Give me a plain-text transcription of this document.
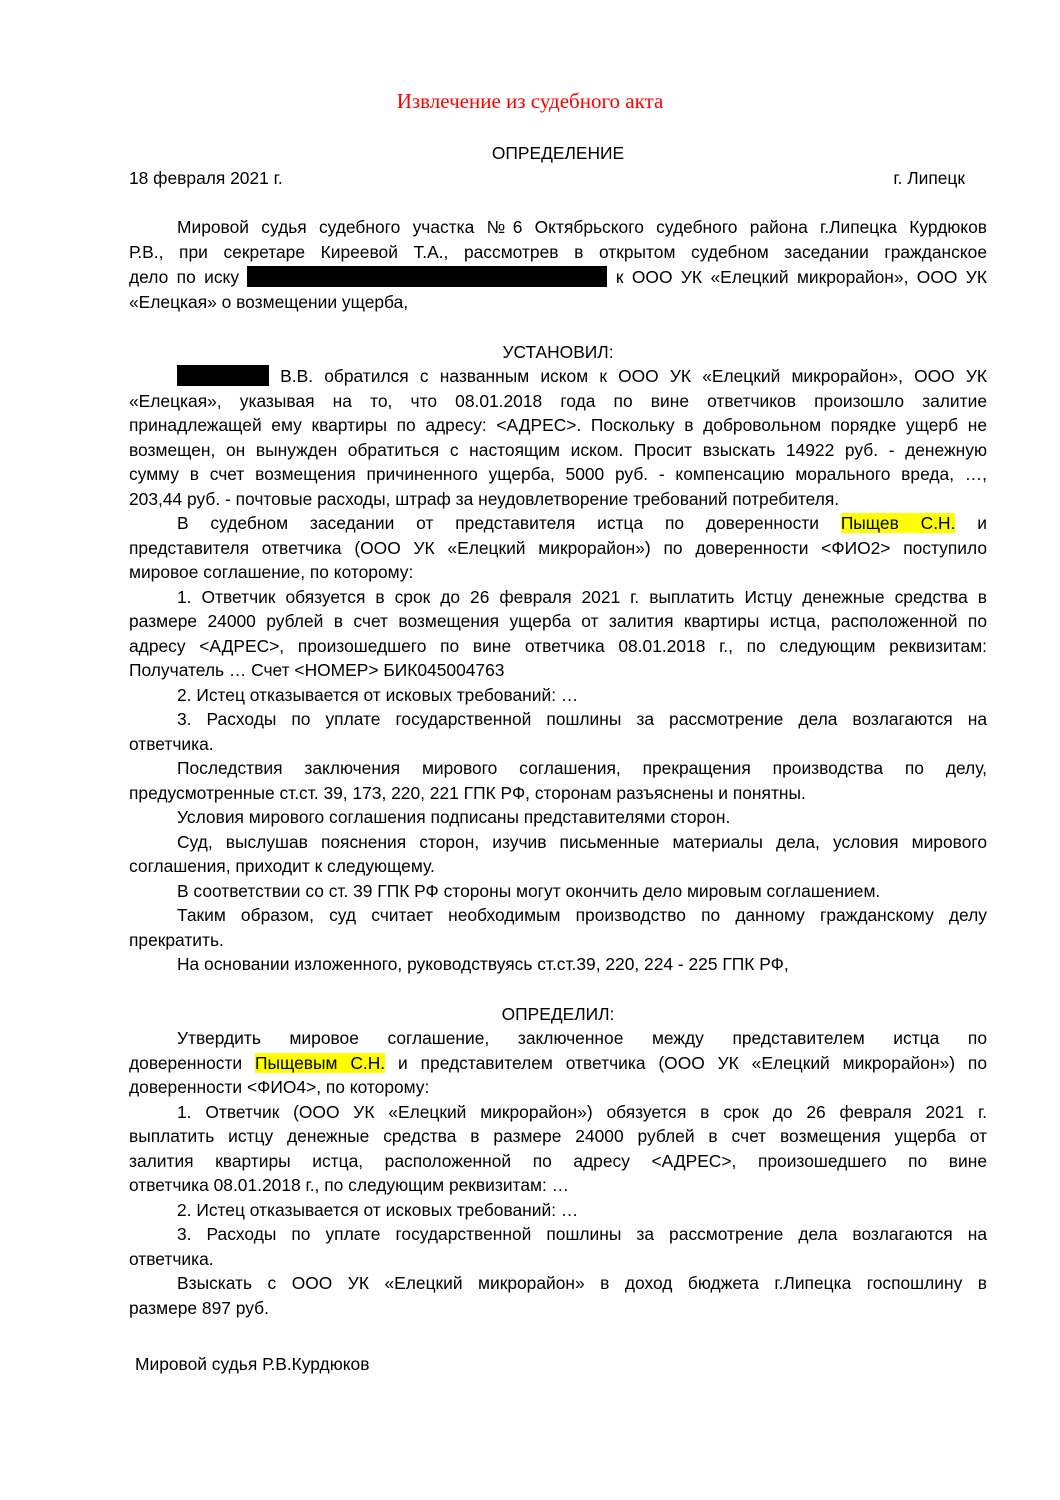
Извлечение из судебного акта

ОПРЕДЕЛЕНИЕ

18 февраля 2021 г.	г. Липецк

Мировой судья судебного участка №6 Октябрьского судебного района г.Липецка Курдюков

Р.В., при секретаре Киреевой Т.А., рассмотрев в открытом судебном заседании гражданское

дело по иску	к ООО УК «Елецкий микрорайон», ООО УК

«Елецкая» о возмещении ущерба,

УСТАНОВИЛ:

В.В. обратился с названным иском к ООО УК «Елецкий микрорайон», ООО УК

«Елецкая», указывая на то, что 08.01.2018 года по вине ответчиков произошло залитие

принадлежащей ему квартиры по адресу: <АДРЕС>. Поскольку в добровольном порядке ущерб не

возмещен, он вынужден обратиться с настоящим иском. Просит взыскать 14922 руб. - денежную

сумму в счет возмещения причиненного ущерба, 5000 руб. - компенсацию морального вреда, …,

203,44 руб. - почтовые расходы, штраф за неудовлетворение требований потребителя.

В судебном заседании от представителя истца по доверенности Пыщев С.Н. и

представителя ответчика (ООО УК «Елецкий микрорайон») по доверенности <ФИО2> поступило

мировое соглашение, по которому:

1. Ответчик обязуется в срок до 26 февраля 2021 г. выплатить Истцу денежные средства в

размере 24000 рублей в счет возмещения ущерба от залития квартиры истца, расположенной по

адресу <АДРЕС>, произошедшего по вине ответчика 08.01.2018 г., по следующим реквизитам:

Получатель … Счет <НОМЕР> БИК045004763

2. Истец отказывается от исковых требований: …

3. Расходы по уплате государственной пошлины за рассмотрение дела возлагаются на

ответчика.

Последствия заключения мирового соглашения, прекращения производства по делу,

предусмотренные ст.ст. 39, 173, 220, 221 ГПК РФ, сторонам разъяснены и понятны.

Условия мирового соглашения подписаны представителями сторон.

Суд, выслушав пояснения сторон, изучив письменные материалы дела, условия мирового

соглашения, приходит к следующему.

В соответствии со ст. 39 ГПК РФ стороны могут окончить дело мировым соглашением.

Таким образом, суд считает необходимым производство по данному гражданскому делу

прекратить.

На основании изложенного, руководствуясь ст.ст.39, 220, 224 - 225 ГПК РФ,

ОПРЕДЕЛИЛ:

Утвердить мировое соглашение, заключенное между представителем истца по

доверенности Пыщевым С.Н. и представителем ответчика (ООО УК «Елецкий микрорайон») по

доверенности <ФИО4>, по которому:

1. Ответчик (ООО УК «Елецкий микрорайон») обязуется в срок до 26 февраля 2021 г.

выплатить истцу денежные средства в размере 24000 рублей в счет возмещения ущерба от

залития квартиры истца, расположенной по адресу <АДРЕС>, произошедшего по вине

ответчика 08.01.2018 г., по следующим реквизитам: …

2. Истец отказывается от исковых требований: …

3. Расходы по уплате государственной пошлины за рассмотрение дела возлагаются на

ответчика.

Взыскать с ООО УК «Елецкий микрорайон» в доход бюджета г.Липецка госпошлину в

размере 897 руб.

Мировой судья Р.В.Курдюков
